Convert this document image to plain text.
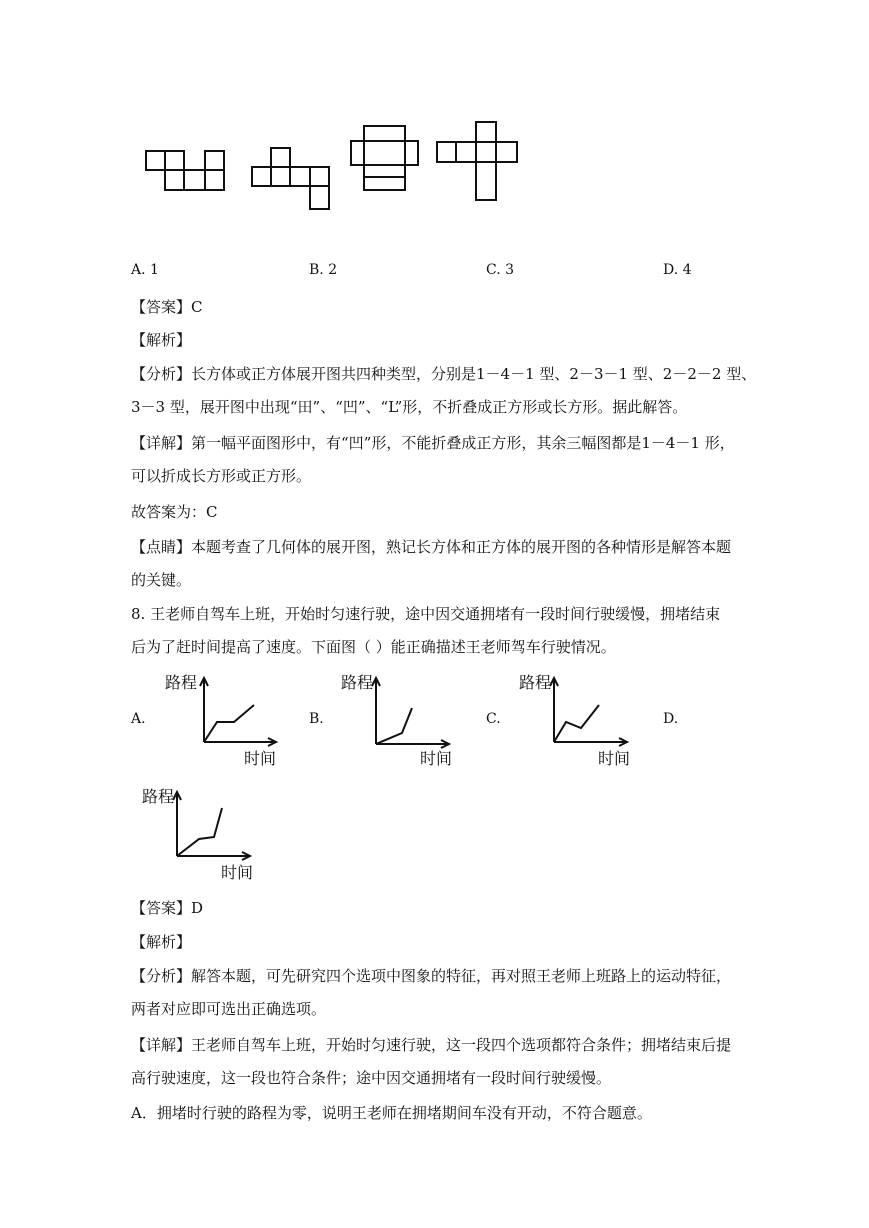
A. 1	B. 2	C. 3	D. 4
【答案】C
【解析】
【分析】长方体或正方体展开图共四种类型，分别是1－4－1 型、2－3－1 型、2－2－2 型、
3－3 型，展开图中出现“田”、“凹”、“L”形，不折叠成正方形或长方形。据此解答。
【详解】第一幅平面图形中，有“凹”形，不能折叠成正方形，其余三幅图都是1－4－1 形，
可以折成长方形或正方形。
故答案为：C
【点睛】本题考查了几何体的展开图，熟记长方体和正方体的展开图的各种情形是解答本题
的关键。
8. 王老师自驾车上班，开始时匀速行驶，途中因交通拥堵有一段时间行驶缓慢，拥堵结束
后为了赶时间提高了速度。下面图（ ）能正确描述王老师驾车行驶情况。
A.	B.	C.	D.
路程
时间
路程
时间
路程
时间
路程
时间
【答案】D
【解析】
【分析】解答本题，可先研究四个选项中图象的特征，再对照王老师上班路上的运动特征，
两者对应即可选出正确选项。
【详解】王老师自驾车上班，开始时匀速行驶，这一段四个选项都符合条件；拥堵结束后提
高行驶速度，这一段也符合条件；途中因交通拥堵有一段时间行驶缓慢。
A．拥堵时行驶的路程为零，说明王老师在拥堵期间车没有开动，不符合题意。
